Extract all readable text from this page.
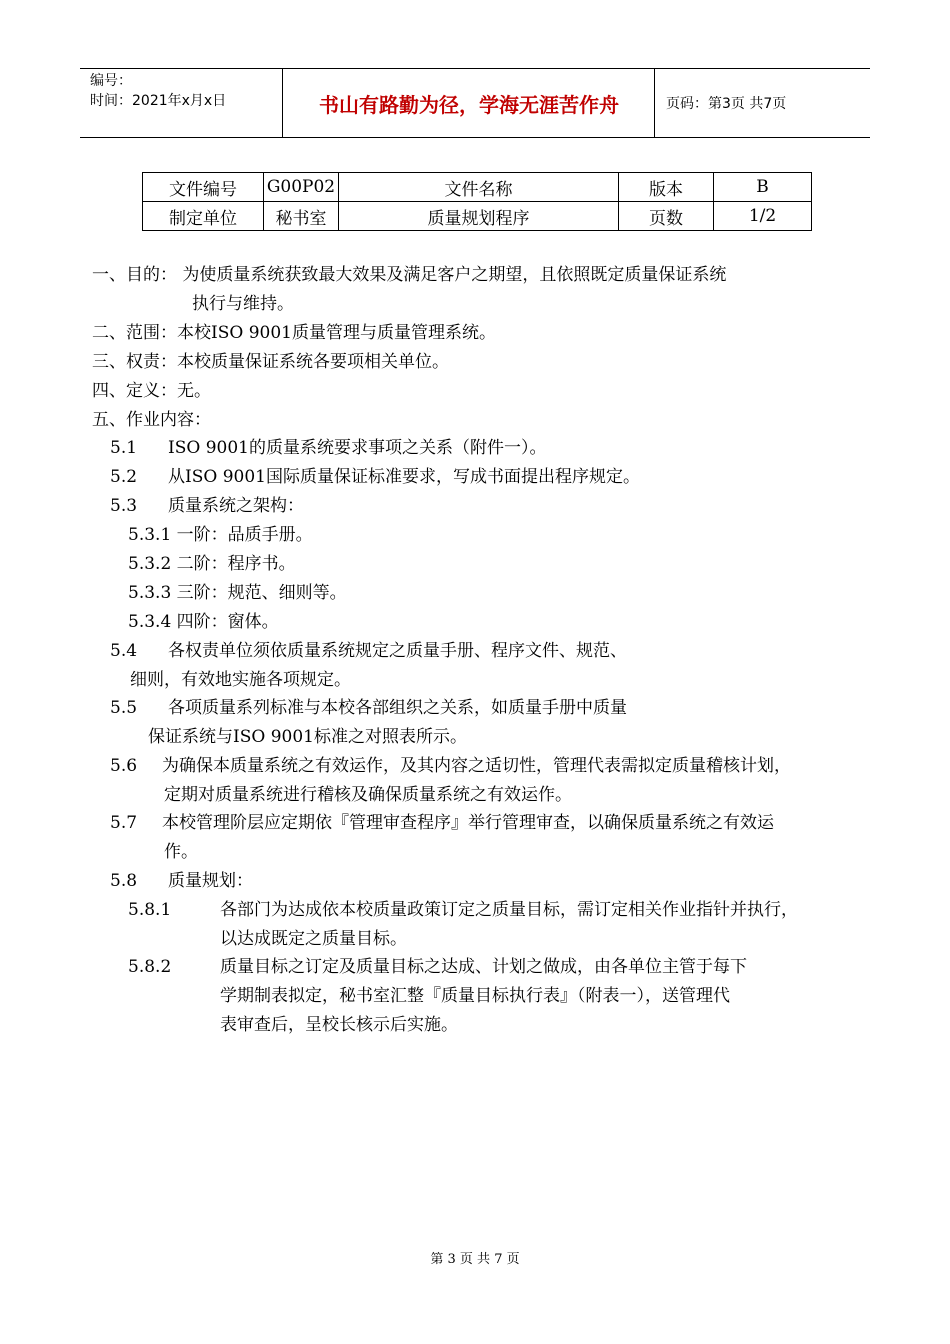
编号：
时间：2021年x月x日	书山有路勤为径，学海无涯苦作舟	页码：第3页 共7页
文件编号	G00P02	文件名称	版本	B
制定单位	秘书室	质量规划程序	页数	1/2
一、目的： 为使质量系统获致最大效果及满足客户之期望，且依照既定质量保证系统
执行与维持。
二、范围：本校ISO 9001质量管理与质量管理系统。
三、权责：本校质量保证系统各要项相关单位。
四、定义：无。
五、作业内容：
5.1 ISO 9001的质量系统要求事项之关系（附件一）。
5.2 从ISO 9001国际质量保证标准要求，写成书面提出程序规定。
5.3 质量系统之架构：
5.3.1 一阶：品质手册。
5.3.2 二阶：程序书。
5.3.3 三阶：规范、细则等。
5.3.4 四阶：窗体。
5.4 各权责单位须依质量系统规定之质量手册、程序文件、规范、
细则，有效地实施各项规定。
5.5 各项质量系列标准与本校各部组织之关系，如质量手册中质量
保证系统与ISO 9001标准之对照表所示。
5.6 为确保本质量系统之有效运作，及其内容之适切性，管理代表需拟定质量稽核计划，
定期对质量系统进行稽核及确保质量系统之有效运作。
5.7 本校管理阶层应定期依『管理审查程序』举行管理审查，以确保质量系统之有效运
作。
5.8 质量规划：
5.8.1	各部门为达成依本校质量政策订定之质量目标，需订定相关作业指针并执行，
以达成既定之质量目标。
5.8.2	质量目标之订定及质量目标之达成、计划之做成，由各单位主管于每下
学期制表拟定，秘书室汇整『质量目标执行表』（附表一），送管理代
表审查后，呈校长核示后实施。
第 3 页 共 7 页
